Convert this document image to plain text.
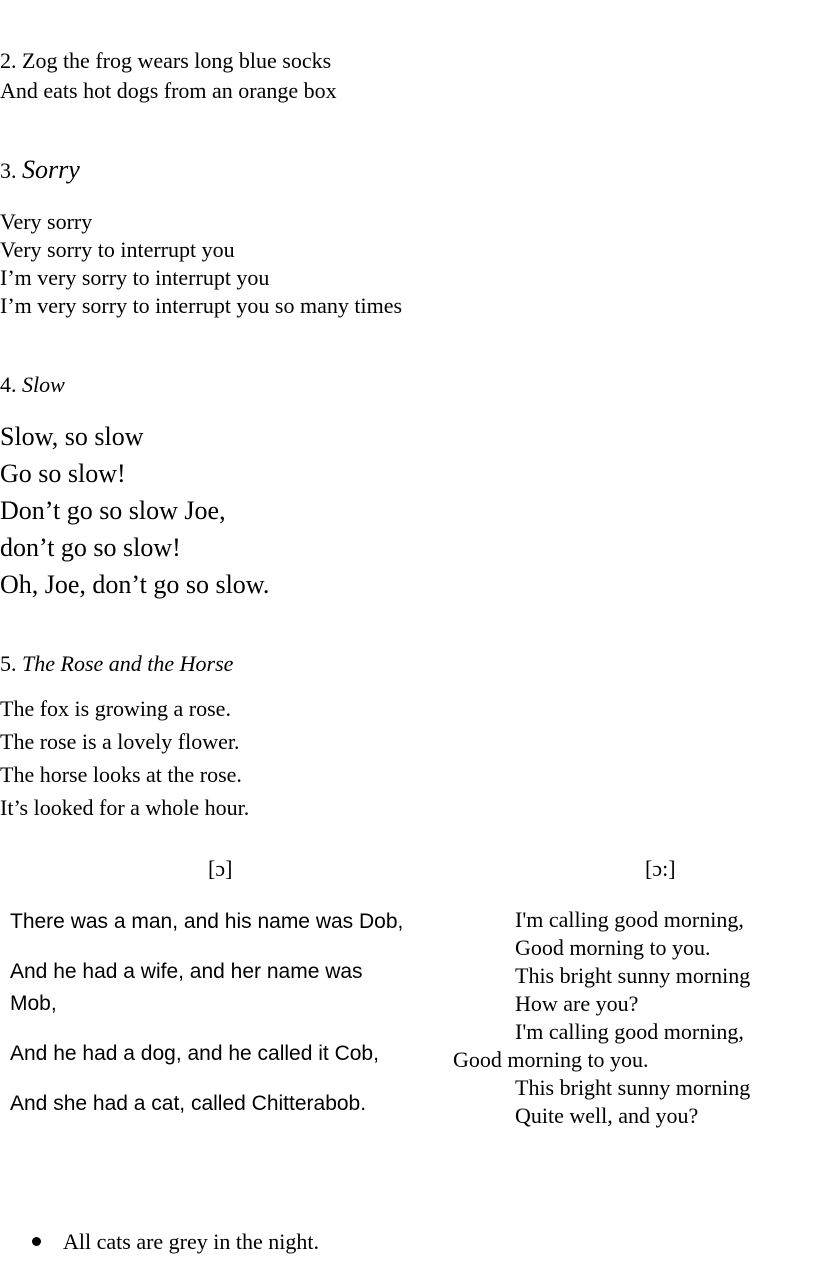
2. Zog the frog wears long blue socks
And eats hot dogs from an orange box
3. Sorry
Very sorry
Very sorry to interrupt you
I’m very sorry to interrupt you
I’m very sorry to interrupt you so many times
4. Slow
Slow, so slow
Go so slow!
Don’t go so slow Joe,
don’t go so slow!
Oh, Joe, don’t go so slow.
5. The Rose and the Horse
The fox is growing a rose.
The rose is a lovely flower.
The horse looks at the rose.
It’s looked for a whole hour.
[ɔ]	[ɔ:]
There was a man, and his name was Dob,
And he had a wife, and her name was
Mob,
And he had a dog, and he called it Cob,
And she had a cat, called Chitterabob.
I'm calling good morning,
Good morning to you.
This bright sunny morning
How are you?
I'm calling good morning,
Good morning to you.
This bright sunny morning
Quite well, and you?
All cats are grey in the night.
